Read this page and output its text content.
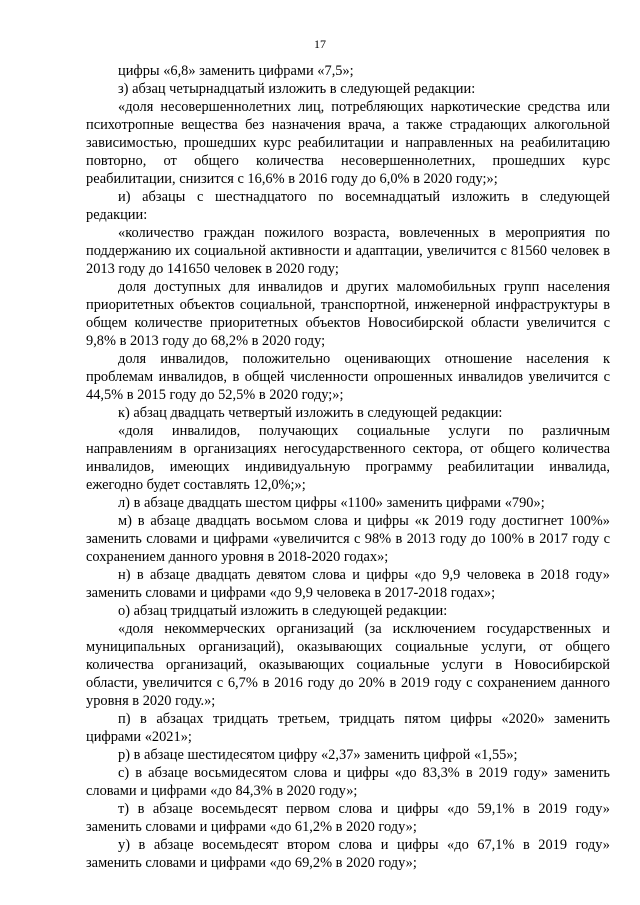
17

цифры «6,8» заменить цифрами «7,5»;

з) абзац четырнадцатый изложить в следующей редакции:

«доля несовершеннолетних лиц, потребляющих наркотические средства или психотропные вещества без назначения врача, а также страдающих алкогольной зависимостью, прошедших курс реабилитации и направленных на реабилитацию повторно, от общего количества несовершеннолетних, прошедших курс реабилитации, снизится с 16,6% в 2016 году до 6,0% в 2020 году;»;

и) абзацы с шестнадцатого по восемнадцатый изложить в следующей редакции:

«количество граждан пожилого возраста, вовлеченных в мероприятия по поддержанию их социальной активности и адаптации, увеличится с 81560 человек в 2013 году до 141650 человек в 2020 году;

доля доступных для инвалидов и других маломобильных групп населения приоритетных объектов социальной, транспортной, инженерной инфраструктуры в общем количестве приоритетных объектов Новосибирской области увеличится с 9,8% в 2013 году до 68,2% в 2020 году;

доля инвалидов, положительно оценивающих отношение населения к проблемам инвалидов, в общей численности опрошенных инвалидов увеличится с 44,5% в 2015 году до 52,5% в 2020 году;»;

к) абзац двадцать четвертый изложить в следующей редакции:

«доля инвалидов, получающих социальные услуги по различным направлениям в организациях негосударственного сектора, от общего количества инвалидов, имеющих индивидуальную программу реабилитации инвалида, ежегодно будет составлять 12,0%;»;

л) в абзаце двадцать шестом цифры «1100» заменить цифрами «790»;

м) в абзаце двадцать восьмом слова и цифры «к 2019 году достигнет 100%» заменить словами и цифрами «увеличится с 98% в 2013 году до 100% в 2017 году с сохранением данного уровня в 2018-2020 годах»;

н) в абзаце двадцать девятом слова и цифры «до 9,9 человека в 2018 году» заменить словами и цифрами «до 9,9 человека в 2017-2018 годах»;

о) абзац тридцатый изложить в следующей редакции:

«доля некоммерческих организаций (за исключением государственных и муниципальных организаций), оказывающих социальные услуги, от общего количества организаций, оказывающих социальные услуги в Новосибирской области, увеличится с 6,7% в 2016 году до 20% в 2019 году с сохранением данного уровня в 2020 году.»;

п) в абзацах тридцать третьем, тридцать пятом цифры «2020» заменить цифрами «2021»;

р) в абзаце шестидесятом цифру «2,37» заменить цифрой «1,55»;

с) в абзаце восьмидесятом слова и цифры «до 83,3% в 2019 году» заменить словами и цифрами «до 84,3% в 2020 году»;

т) в абзаце восемьдесят первом слова и цифры «до 59,1% в 2019 году» заменить словами и цифрами «до 61,2% в 2020 году»;

у) в абзаце восемьдесят втором слова и цифры «до 67,1% в 2019 году» заменить словами и цифрами «до 69,2% в 2020 году»;
